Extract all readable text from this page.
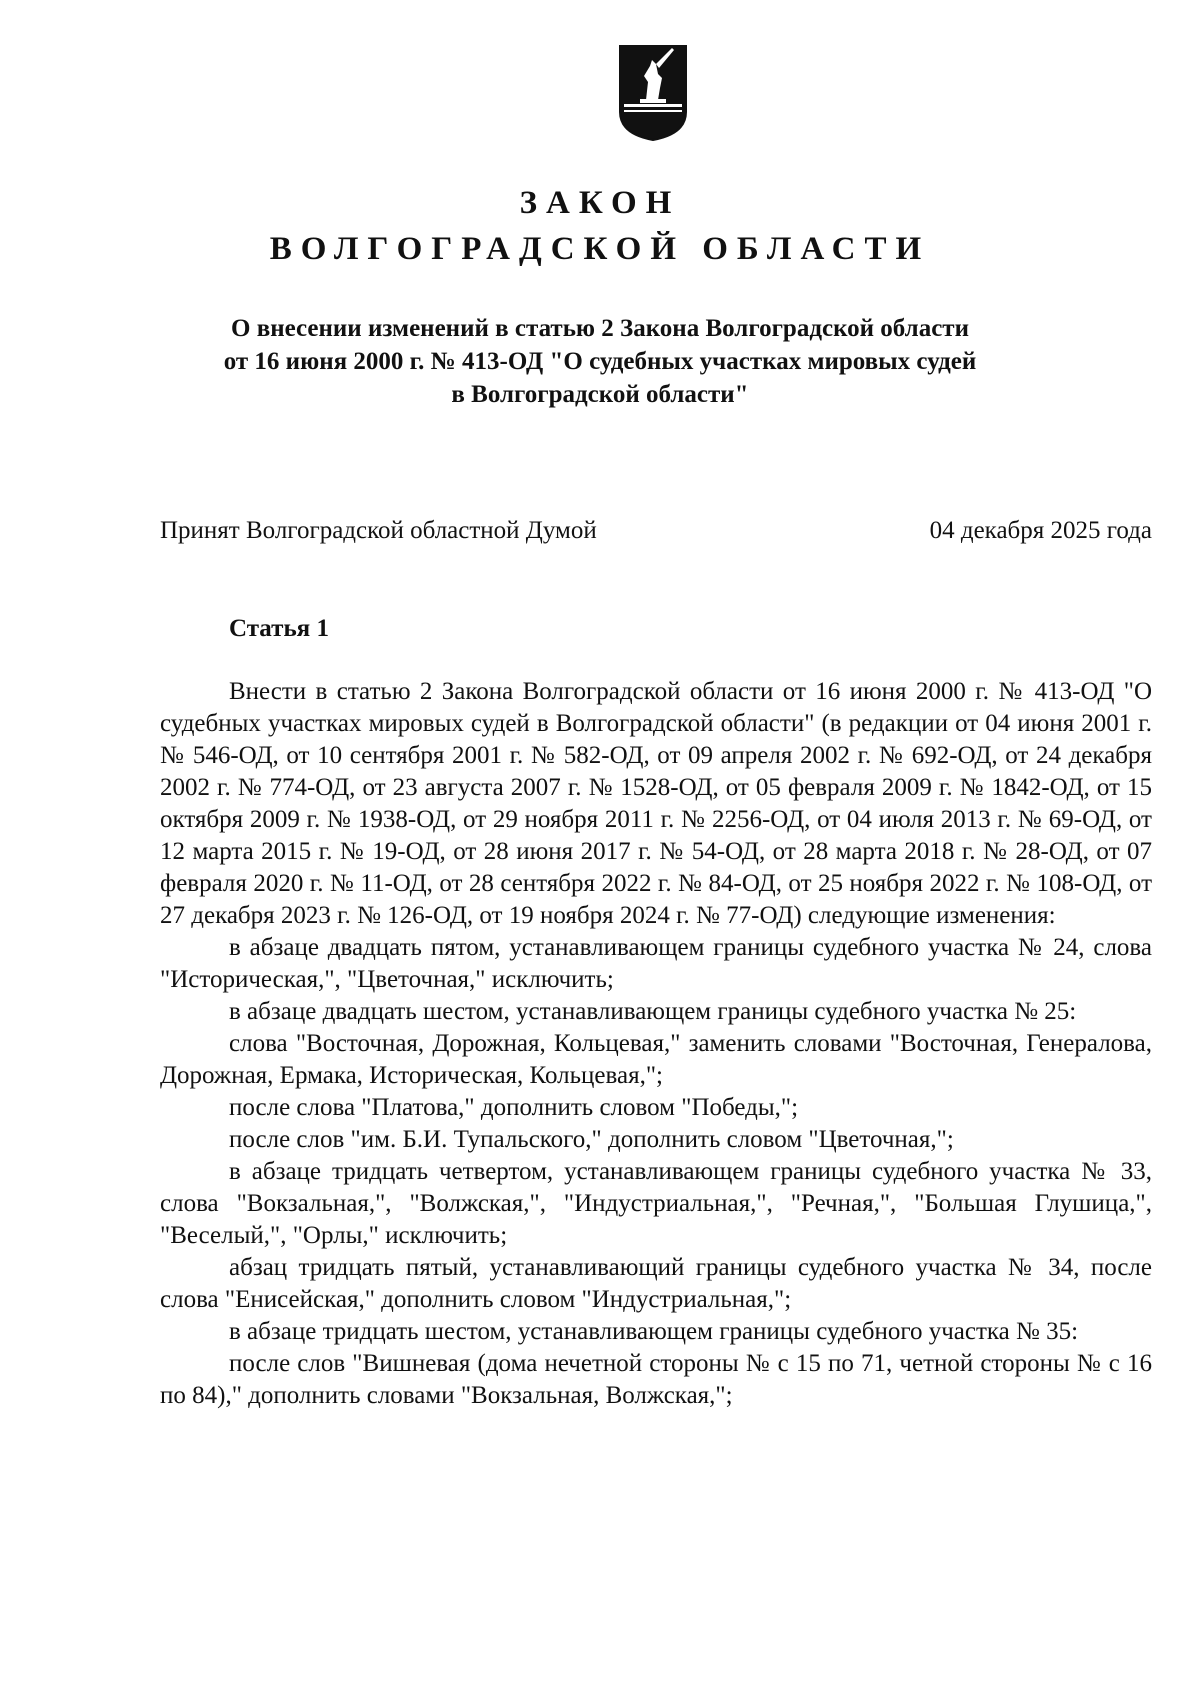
ЗАКОН
ВОЛГОГРАДСКОЙ ОБЛАСТИ
О внесении изменений в статью 2 Закона Волгоградской области
от 16 июня 2000 г. № 413-ОД "О судебных участках мировых судей
в Волгоградской области"
Принят Волгоградской областной Думой	04 декабря 2025 года
Статья 1

Внести в статью 2 Закона Волгоградской области от 16 июня 2000 г. № 413-ОД "О судебных участках мировых судей в Волгоградской области" (в редакции от 04 июня 2001 г. № 546-ОД, от 10 сентября 2001 г. № 582-ОД, от 09 апреля 2002 г. № 692-ОД, от 24 декабря 2002 г. № 774-ОД, от 23 августа 2007 г. № 1528-ОД, от 05 февраля 2009 г. № 1842-ОД, от 15 октября 2009 г. № 1938-ОД, от 29 ноября 2011 г. № 2256-ОД, от 04 июля 2013 г. № 69-ОД, от 12 марта 2015 г. № 19-ОД, от 28 июня 2017 г. № 54-ОД, от 28 марта 2018 г. № 28-ОД, от 07 февраля 2020 г. № 11-ОД, от 28 сентября 2022 г. № 84-ОД, от 25 ноября 2022 г. № 108-ОД, от 27 декабря 2023 г. № 126-ОД, от 19 ноября 2024 г. № 77-ОД) следующие изменения:

в абзаце двадцать пятом, устанавливающем границы судебного участка № 24, слова "Историческая,", "Цветочная," исключить;

в абзаце двадцать шестом, устанавливающем границы судебного участка № 25:

слова "Восточная, Дорожная, Кольцевая," заменить словами "Восточная, Генералова, Дорожная, Ермака, Историческая, Кольцевая,";

после слова "Платова," дополнить словом "Победы,";

после слов "им. Б.И. Тупальского," дополнить словом "Цветочная,";

в абзаце тридцать четвертом, устанавливающем границы судебного участка № 33, слова "Вокзальная,", "Волжская,", "Индустриальная,", "Речная,", "Большая Глушица,", "Веселый,", "Орлы," исключить;

абзац тридцать пятый, устанавливающий границы судебного участка № 34, после слова "Енисейская," дополнить словом "Индустриальная,";

в абзаце тридцать шестом, устанавливающем границы судебного участка № 35:

после слов "Вишневая (дома нечетной стороны № с 15 по 71, четной стороны № с 16 по 84)," дополнить словами "Вокзальная, Волжская,";
